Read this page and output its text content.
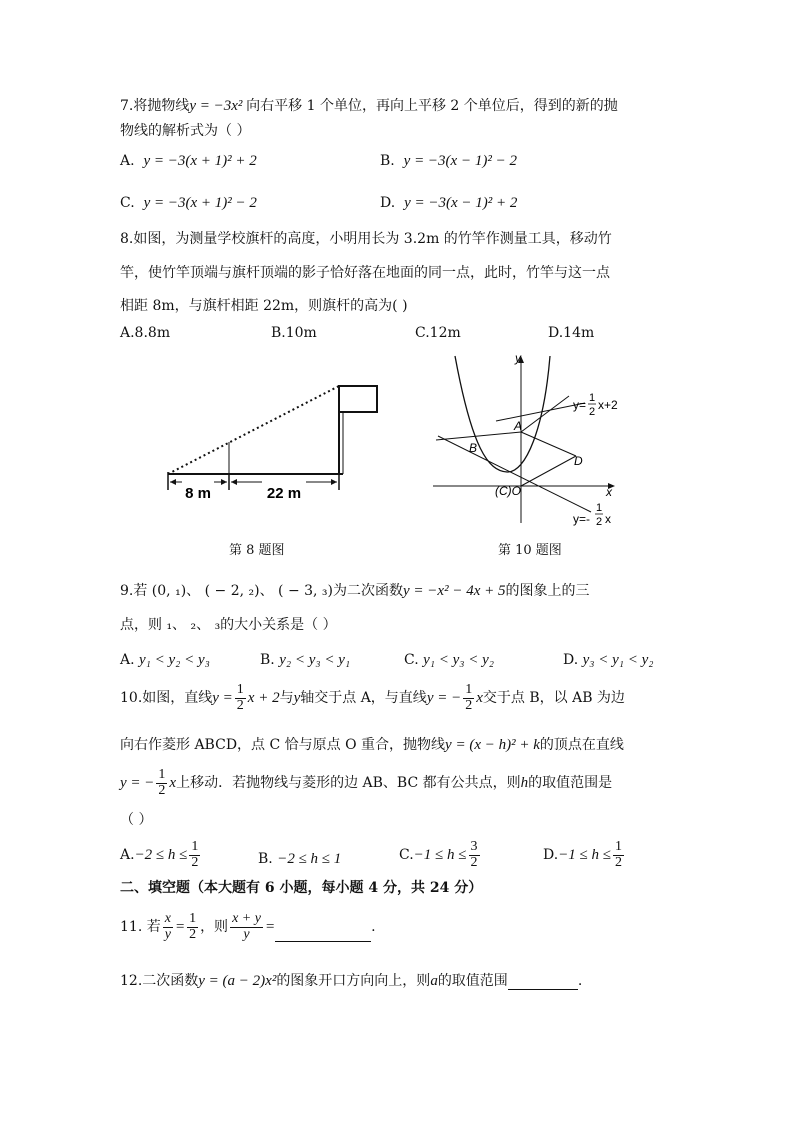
7.将抛物线y = −3x² 向右平移 1 个单位，再向上平移 2 个单位后，得到的新的抛
物线的解析式为（ ）
A. y = −3(x + 1)² + 2	B. y = −3(x − 1)² − 2
C. y = −3(x + 1)² − 2	D. y = −3(x − 1)² + 2
8.如图，为测量学校旗杆的高度，小明用长为 3.2m 的竹竿作测量工具，移动竹
竿，使竹竿顶端与旗杆顶端的影子恰好落在地面的同一点，此时，竹竿与这一点
相距 8m，与旗杆相距 22m，则旗杆的高为( )
A.8.8m	B.10m	C.12m	D.14m
8 m	22 m
第 8 题图
y
x
A
B
D
(C)O
y= 1
2 x+2
y=-
1
2 x
第 10 题图
9.若 (0, ₁)、 ( − 2, ₂)、 ( − 3, ₃)为二次函数y = −x² − 4x + 5的图象上的三
点，则 ₁、 ₂、 ₃的大小关系是（ ）
A. y₁ < y₂ < y₃	B. y₂ < y₃ < y₁	C. y₁ < y₃ < y₂	D. y₃ < y₁ < y₂
10.如图，直线$y = \frac{1}{2}$ x + 2与y轴交于点 A，与直线y = − $\frac{1}{2}$ x交于点 B，以 AB 为边
向右作菱形 ABCD，点 C 恰与原点 O 重合，抛物线y = (x − h)² + k的顶点在直线
y = − $\frac{1}{2}$ x上移动．若抛物线与菱形的边 AB、BC 都有公共点，则h的取值范围是
（ ）
$A.-2 \le h \le \frac{1}{2}$	B. −2 ≤ h ≤ 1	$C.-1 \le h \le \frac{3}{2}$	$D.-1 \le h \le \frac{1}{2}$
二、填空题（本大题有 6 小题，每小题 4 分，共 24 分）
11. 若 $\frac{x}{y} = \frac{1}{2}$ ，则 $\frac{x + y}{y}$ =	.
12.二次函数y = (a − 2)x²的图象开口方向向上，则a的取值范围	.
